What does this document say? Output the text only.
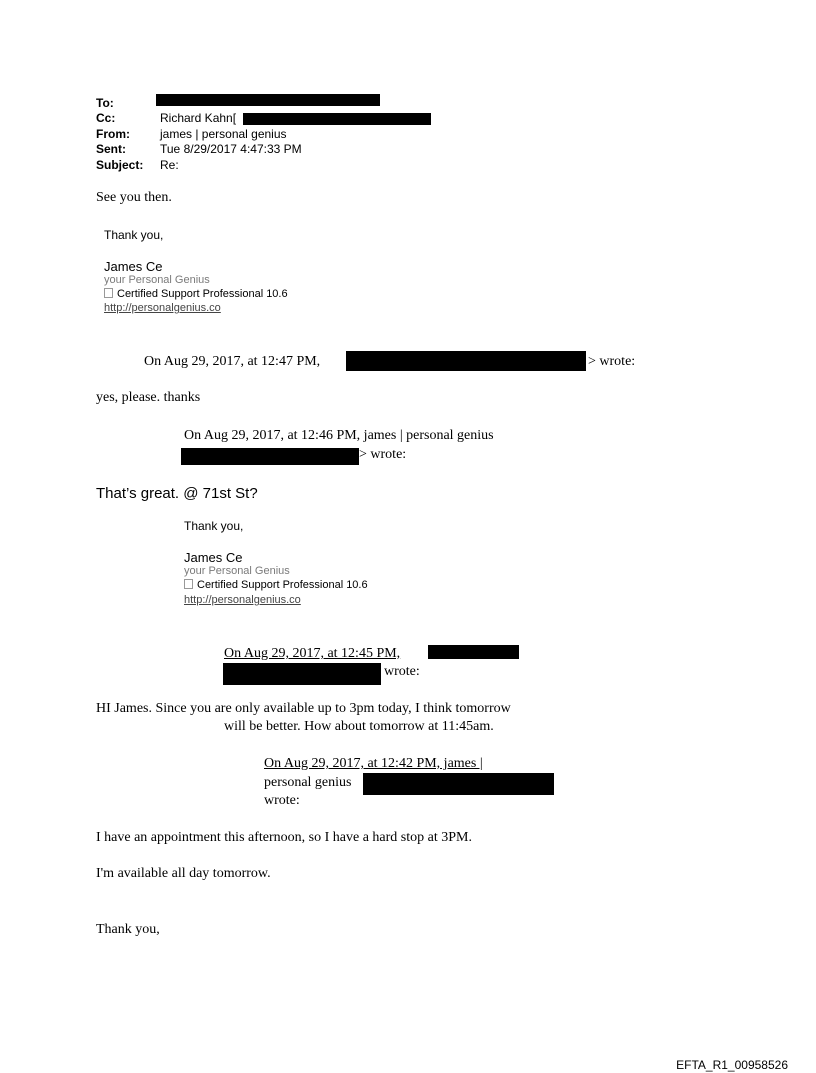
To:
Cc:	Richard Kahn[
From:	james | personal genius
Sent:	Tue 8/29/2017 4:47:33 PM
Subject: Re:
See you then.
Thank you,
James Ce
your Personal Genius
Certified Support Professional 10.6
http://personalgenius.co
On Aug 29, 2017, at 12:47 PM,	> wrote:
yes, please. thanks
On Aug 29, 2017, at 12:46 PM, james | personal genius
> wrote:
That’s great. @ 71st St?
Thank you,
James Ce
your Personal Genius
Certified Support Professional 10.6
http://personalgenius.co
On Aug 29, 2017, at 12:45 PM,
wrote:
HI James. Since you are only available up to 3pm today, I think tomorrow
will be better. How about tomorrow at 11:45am.
On Aug 29, 2017, at 12:42 PM, james |
personal genius
wrote:
I have an appointment this afternoon, so I have a hard stop at 3PM.
I'm available all day tomorrow.
Thank you,
EFTA_R1_00958526
